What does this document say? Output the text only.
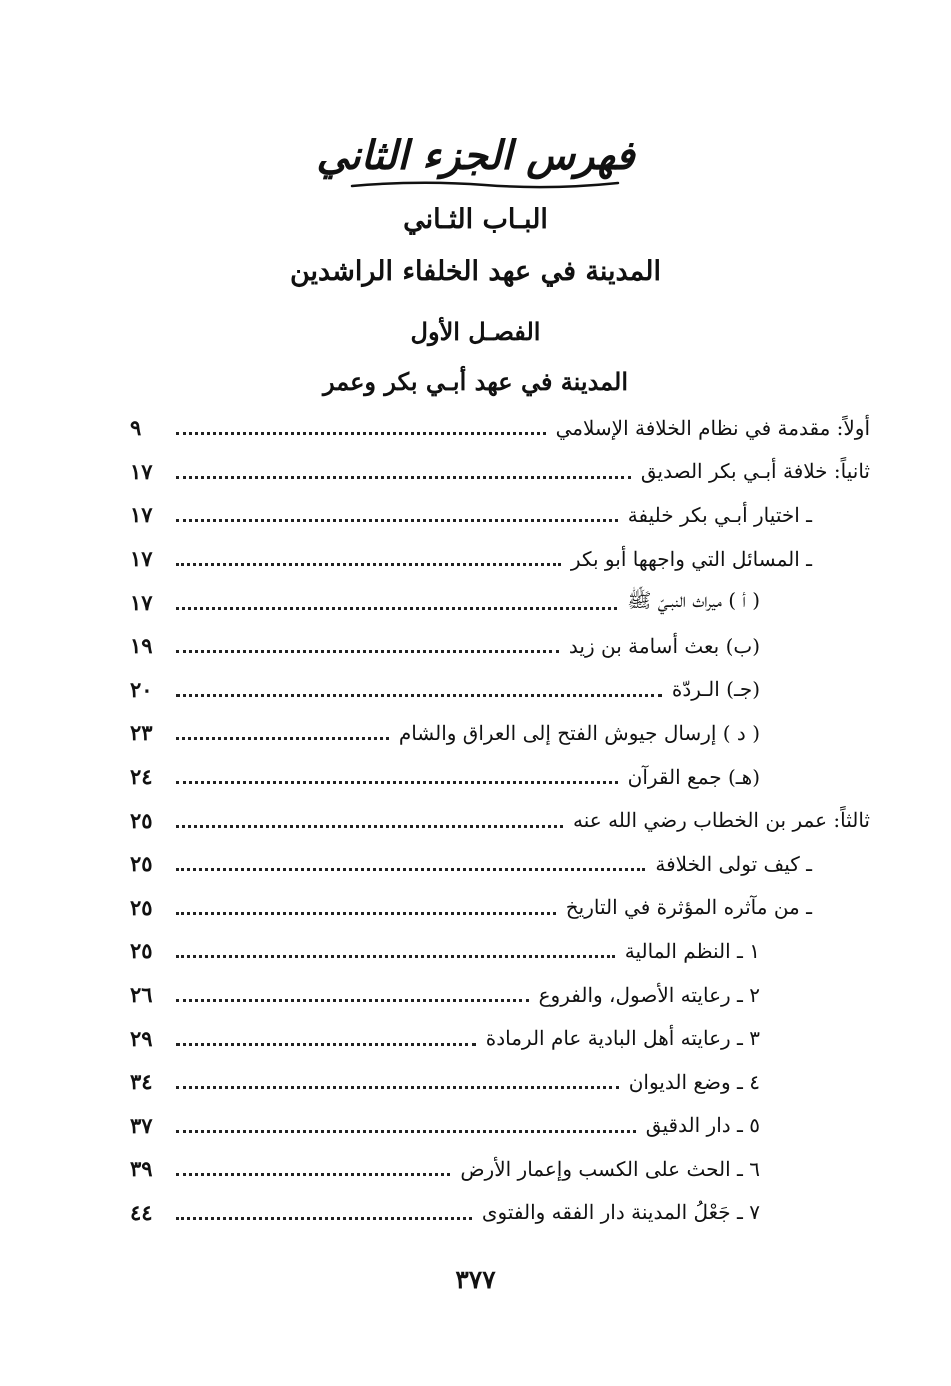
فهرس الجزء الثاني
البـاب الثـاني
المدينة في عهد الخلفاء الراشدين
الفصـل الأول
المدينة في عهد أبـي بكر وعمر
أولاً: مقدمة في نظام الخلافة الإسلامي
٩
ثانياً: خلافة أبـي بكر الصديق
١٧
ـ اختيار أبـي بكر خليفة
١٧
ـ المسائل التي واجهها أبو بكر
١٧
( أ ) ميراث النبـيّ ﷺ
١٧
(ب) بعث أسامة بن زيد
١٩
(جـ) الـردّة
٢٠
( د ) إرسال جيوش الفتح إلى العراق والشام
٢٣
(هـ) جمع القرآن
٢٤
ثالثاً: عمر بن الخطاب رضي الله عنه
٢٥
ـ كيف تولى الخلافة
٢٥
ـ من مآثره المؤثرة في التاريخ
٢٥
١ ـ النظم المالية
٢٥
٢ ـ رعايته الأصول، والفروع
٢٦
٣ ـ رعايته أهل البادية عام الرمادة
٢٩
٤ ـ وضع الديوان
٣٤
٥ ـ دار الدقيق
٣٧
٦ ـ الحث على الكسب وإعمار الأرض
٣٩
٧ ـ جَعْلُ المدينة دار الفقه والفتوى
٤٤
٣٧٧
